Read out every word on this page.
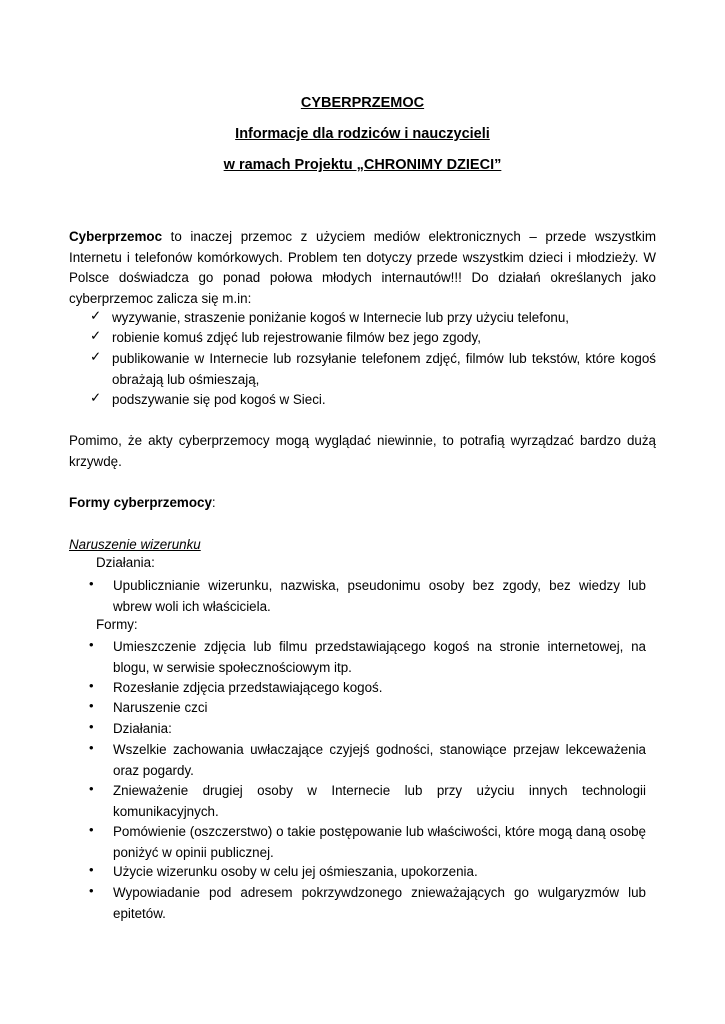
CYBERPRZEMOC
Informacje dla rodziców i nauczycieli
w ramach Projektu „CHRONIMY DZIECI”
Cyberprzemoc to inaczej przemoc z użyciem mediów elektronicznych – przede wszystkim Internetu i telefonów komórkowych. Problem ten dotyczy przede wszystkim dzieci i młodzieży. W Polsce doświadcza go ponad połowa młodych internautów!!! Do działań określanych jako cyberprzemoc zalicza się m.in:
✓ wyzywanie, straszenie poniżanie kogoś w Internecie lub przy użyciu telefonu,
✓ robienie komuś zdjęć lub rejestrowanie filmów bez jego zgody,
✓ publikowanie w Internecie lub rozsyłanie telefonem zdjęć, filmów lub tekstów, które kogoś obrażają lub ośmieszają,
✓ podszywanie się pod kogoś w Sieci.
Pomimo, że akty cyberprzemocy mogą wyglądać niewinnie, to potrafią wyrządzać bardzo dużą krzywdę.
Formy cyberprzemocy:
Naruszenie wizerunku
Działania:
• Upublicznianie wizerunku, nazwiska, pseudonimu osoby bez zgody, bez wiedzy lub wbrew woli ich właściciela.
Formy:
• Umieszczenie zdjęcia lub filmu przedstawiającego kogoś na stronie internetowej, na blogu, w serwisie społecznościowym itp.
• Rozesłanie zdjęcia przedstawiającego kogoś.
• Naruszenie czci
• Działania:
• Wszelkie zachowania uwłaczające czyjejś godności, stanowiące przejaw lekceważenia oraz pogardy.
• Znieważenie drugiej osoby w Internecie lub przy użyciu innych technologii komunikacyjnych.
• Pomówienie (oszczerstwo) o takie postępowanie lub właściwości, które mogą daną osobę poniżyć w opinii publicznej.
• Użycie wizerunku osoby w celu jej ośmieszania, upokorzenia.
• Wypowiadanie pod adresem pokrzywdzonego znieważających go wulgaryzmów lub epitetów.
